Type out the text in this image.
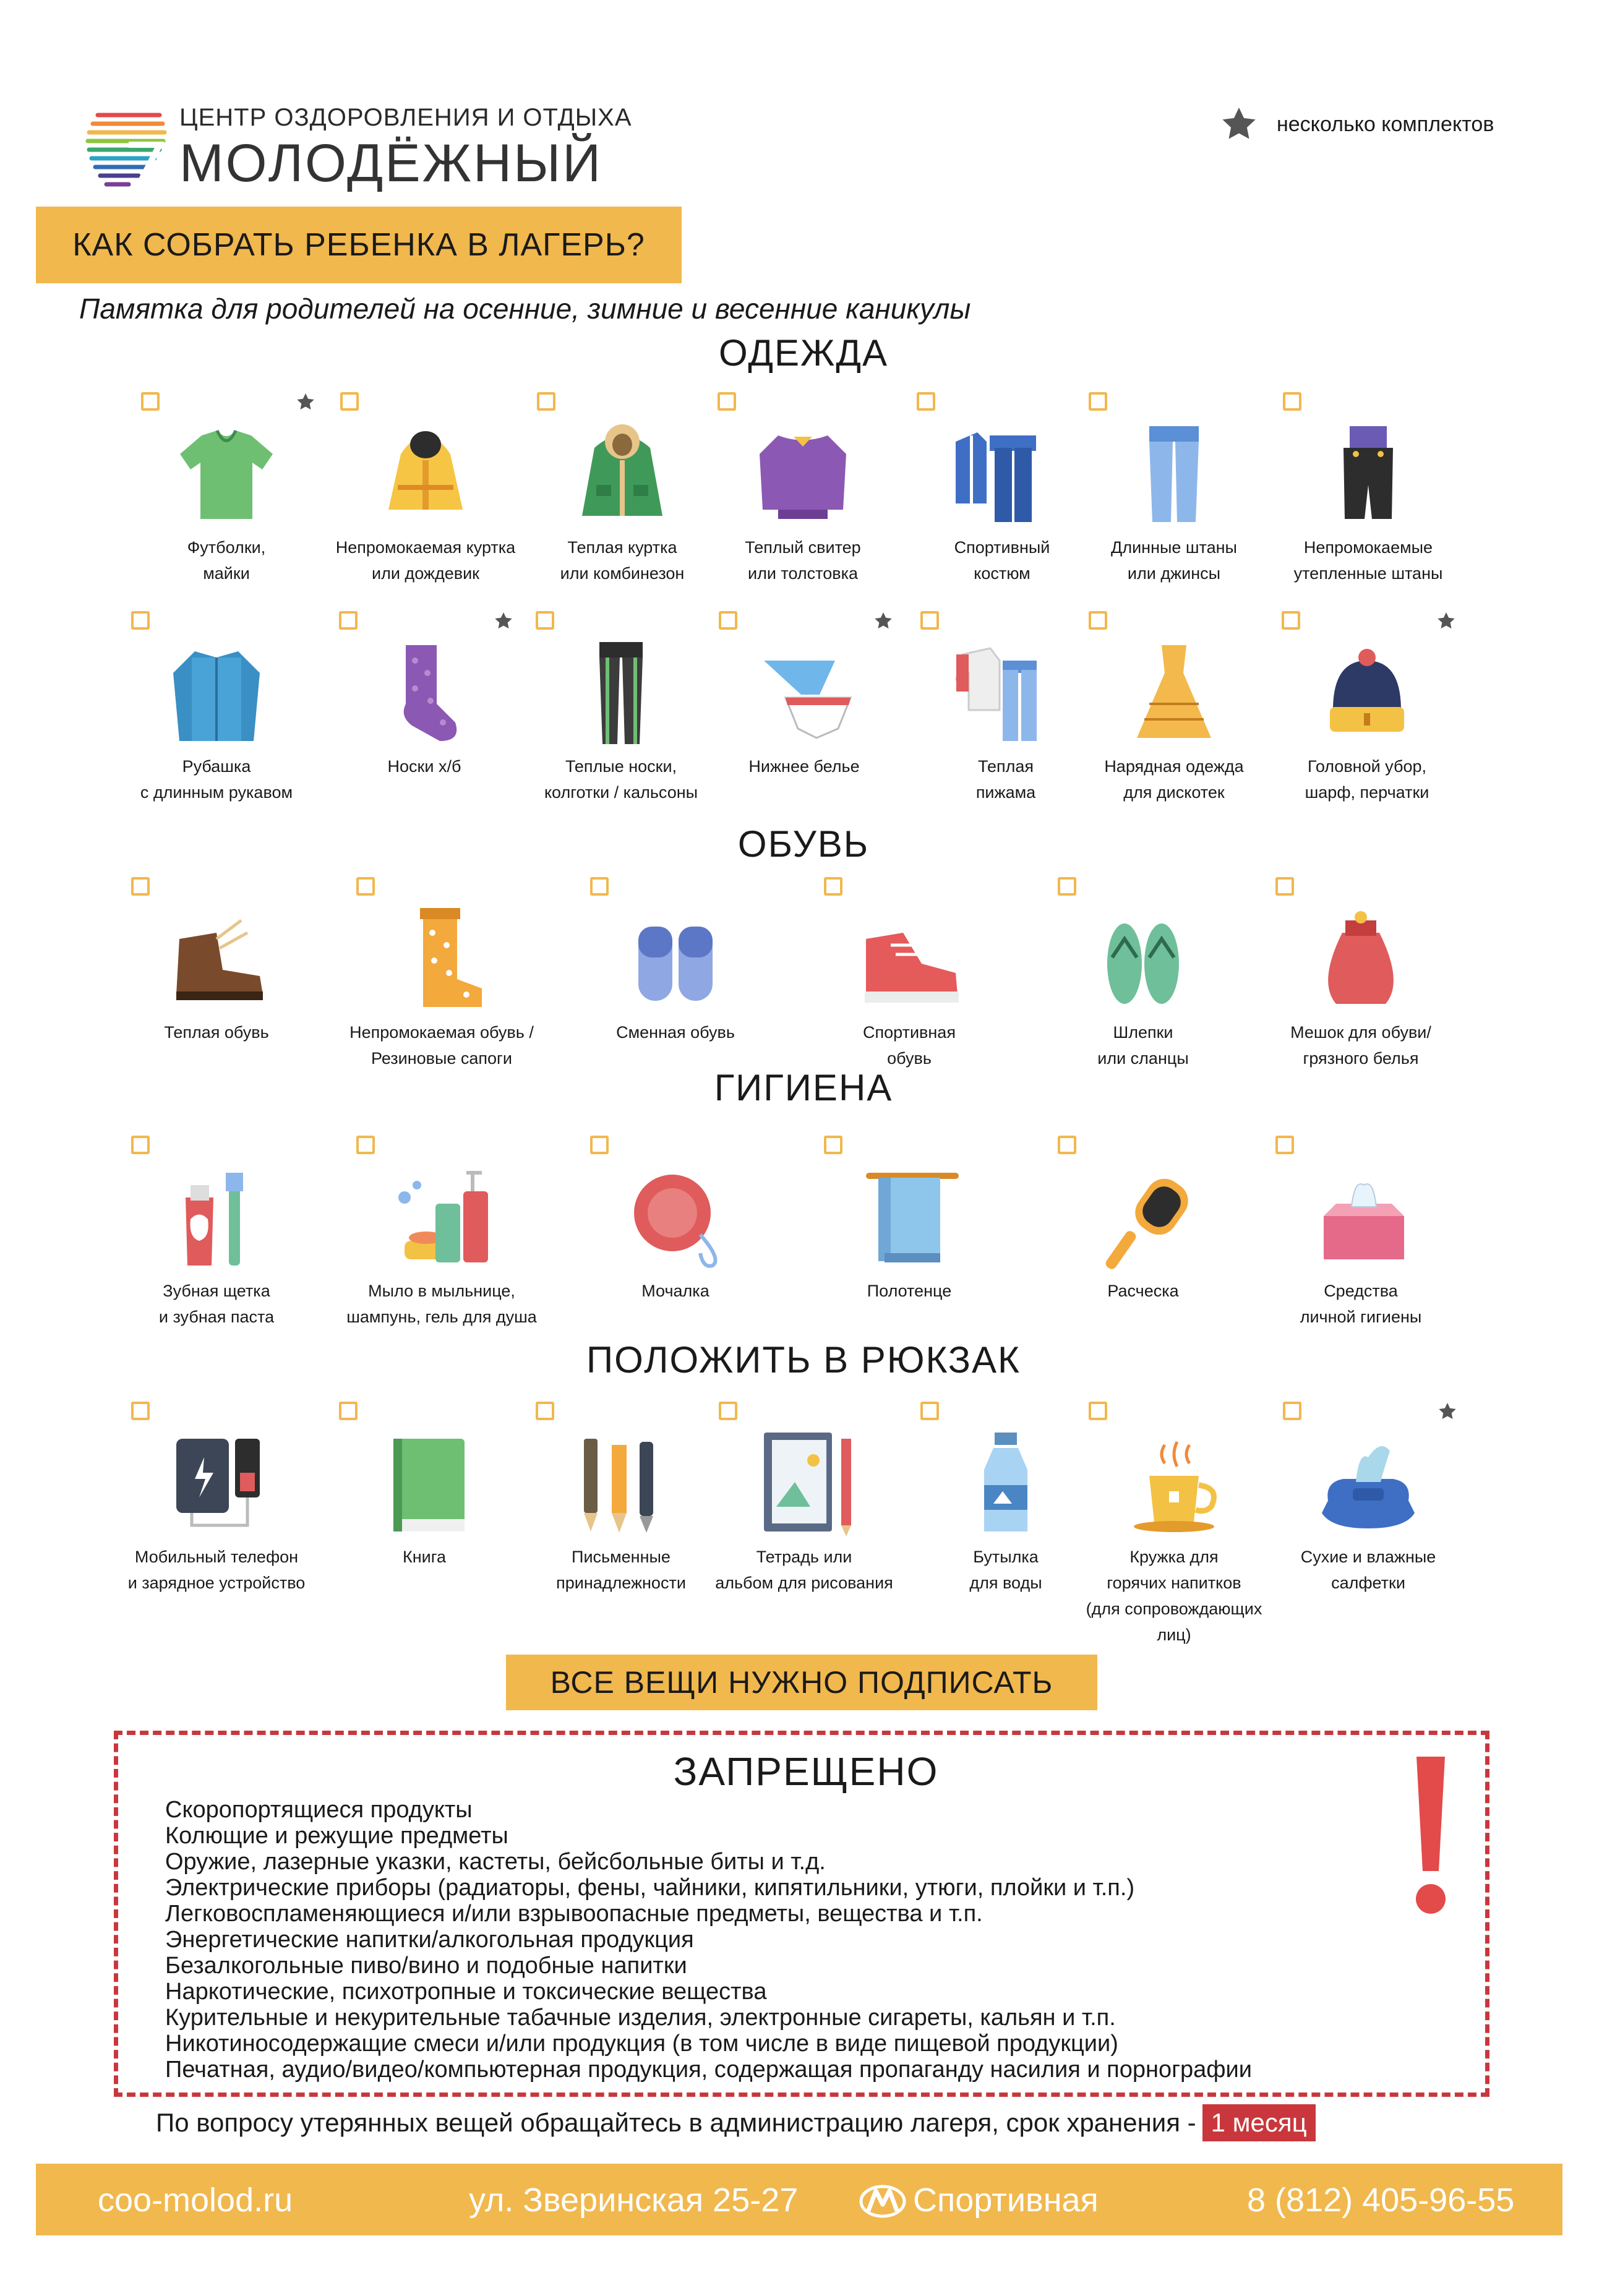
ЦЕНТР ОЗДОРОВЛЕНИЯ И ОТДЫХА
МОЛОДЁЖНЫЙ
несколько комплектов
КАК СОБРАТЬ РЕБЕНКА В ЛАГЕРЬ?
Памятка для родителей на осенние, зимние и весенние каникулы
ОДЕЖДА
ОБУВЬ
ГИГИЕНА
ПОЛОЖИТЬ В РЮКЗАК
Футболки,
майки
Непромокаемая куртка
или дождевик
Теплая куртка
или комбинезон
Теплый свитер
или толстовка
Спортивный
костюм
Длинные штаны
или джинсы
Непромокаемые
утепленные штаны
Рубашка
с длинным рукавом
Носки х/б	Теплые носки,
колготки / кальсоны
Нижнее белье	Теплая
пижама
Нарядная одежда
для дискотек
Головной убор,
шарф, перчатки
Теплая обувь	Непромокаемая обувь /
Резиновые сапоги
Сменная обувь	Спортивная
обувь
Шлепки
или сланцы
Мешок для обуви/
грязного белья
Зубная щетка
и зубная паста
Мыло в мыльнице,
шампунь, гель для душа
Мочалка	Полотенце	Расческа	Средства
личной гигиены
Мобильный телефон
и зарядное устройство
Книга	Письменные
принадлежности
Тетрадь или
альбом для рисования
Бутылка
для воды
Кружка для
горячих напитков
(для сопровождающих
лиц)
Сухие и влажные
салфетки
ВСЕ ВЕЩИ НУЖНО ПОДПИСАТЬ
ЗАПРЕЩЕНО
Скоропортящиеся продукты
Колющие и режущие предметы
Оружие, лазерные указки, кастеты, бейсбольные биты и т.д.
Электрические приборы (радиаторы, фены, чайники, кипятильники, утюги, плойки и т.п.)
Легковоспламеняющиеся и/или взрывоопасные предметы, вещества и т.п.
Энергетические напитки/алкогольная продукция
Безалкогольные пиво/вино и подобные напитки
Наркотические, психотропные и токсические вещества
Курительные и некурительные табачные изделия, электронные сигареты, кальян и т.п.
Никотиносодержащие смеси и/или продукция (в том числе в виде пищевой продукции)
Печатная, аудио/видео/компьютерная продукция, содержащая пропаганду насилия и порнографии
По вопросу утерянных вещей обращайтесь в администрацию лагеря, срок хранения - 1 месяц
coo-molod.ru	ул. Зверинская 25-27	Спортивная	8 (812) 405-96-55
